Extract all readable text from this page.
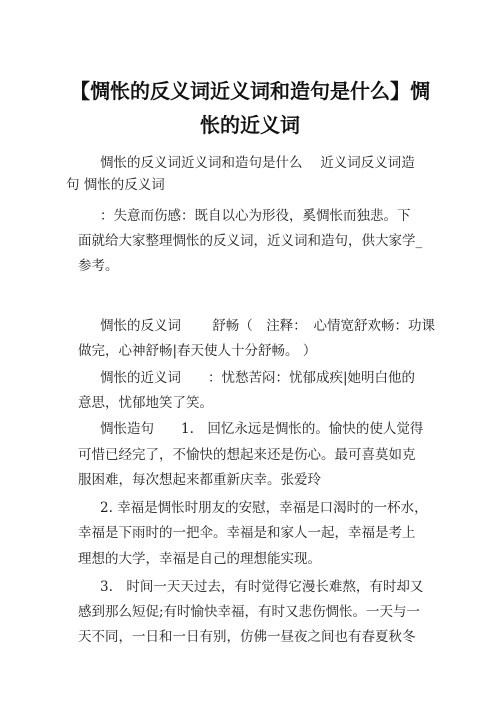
【惆怅的反义词近义词和造句是什么】惆
怅的近义词
惆怅的反义词近义词和造句是什么　 近义词反义词造
句 惆怅的反义词
：失意而伤感：既自以心为形役，奚惆怅而独悲。下
面就给大家整理惆怅的反义词，近义词和造句，供大家学_
参考。
惆怅的反义词　　 舒畅（　注释：　心情宽舒欢畅：功课
做完，心神舒畅|春天使人十分舒畅。 ）
惆怅的近义词　　：忧愁苦闷：忧郁成疾|她明白他的
意思，忧郁地笑了笑。
惆怅造句　　1.　回忆永远是惆怅的。愉快的使人觉得
可惜已经完了，不愉快的想起来还是伤心。最可喜莫如克
服困难，每次想起来都重新庆幸。张爱玲
2. 幸福是惆怅时朋友的安慰，幸福是口渴时的一杯水，
幸福是下雨时的一把伞。幸福是和家人一起，幸福是考上
理想的大学，幸福是自己的理想能实现。
3.　时间一天天过去，有时觉得它漫长难熬，有时却又
感到那么短促;有时愉快幸福，有时又悲伤惆怅。一天与一
天不同，一日和一日有别，仿佛一昼夜之间也有春夏秋冬
